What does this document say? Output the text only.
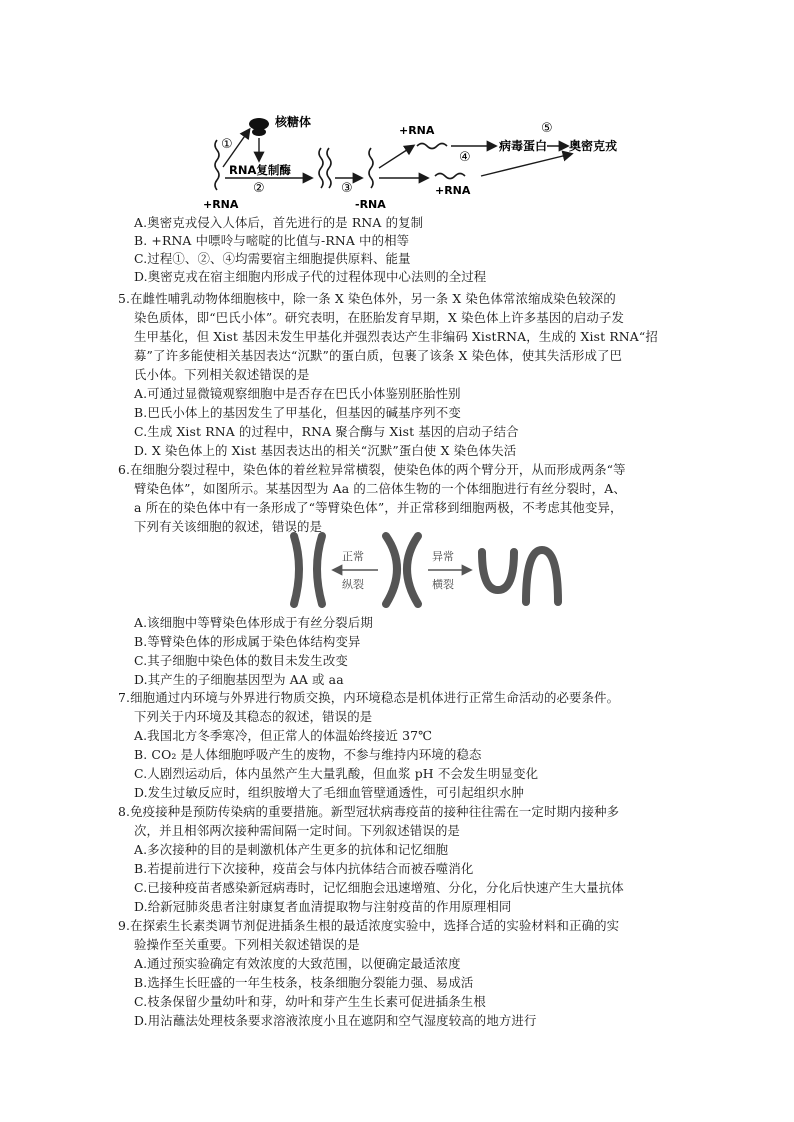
核糖体
+RNA
①
RNA复制酶
②	③
-RNA
+RNA
④
病毒蛋白
⑤
奥密克戎
+RNA
A.奥密克戎侵入人体后，首先进行的是 RNA 的复制
B. +RNA 中嘌呤与嘧啶的比值与-RNA 中的相等
C.过程①、②、④均需要宿主细胞提供原料、能量
D.奥密克戎在宿主细胞内形成子代的过程体现中心法则的全过程
5.在雌性哺乳动物体细胞核中，除一条 X 染色体外，另一条 X 染色体常浓缩成染色较深的
染色质体，即“巴氏小体”。研究表明，在胚胎发育早期，X 染色体上许多基因的启动子发
生甲基化，但 Xist 基因未发生甲基化并强烈表达产生非编码 XistRNA，生成的 Xist RNA“招
募”了许多能使相关基因表达“沉默”的蛋白质，包裹了该条 X 染色体，使其失活形成了巴
氏小体。下列相关叙述错误的是
A.可通过显微镜观察细胞中是否存在巴氏小体鉴别胚胎性别
B.巴氏小体上的基因发生了甲基化，但基因的碱基序列不变
C.生成 Xist RNA 的过程中，RNA 聚合酶与 Xist 基因的启动子结合
D. X 染色体上的 Xist 基因表达出的相关“沉默”蛋白使 X 染色体失活
6.在细胞分裂过程中，染色体的着丝粒异常横裂，使染色体的两个臂分开，从而形成两条“等
臂染色体”，如图所示。某基因型为 Aa 的二倍体生物的一个体细胞进行有丝分裂时，A、
a 所在的染色体中有一条形成了“等臂染色体”，并正常移到细胞两极，不考虑其他变异，
下列有关该细胞的叙述，错误的是
正常
纵裂
异常
横裂
A.该细胞中等臂染色体形成于有丝分裂后期
B.等臂染色体的形成属于染色体结构变异
C.其子细胞中染色体的数目未发生改变
D.其产生的子细胞基因型为 AA 或 aa
7.细胞通过内环境与外界进行物质交换，内环境稳态是机体进行正常生命活动的必要条件。
下列关于内环境及其稳态的叙述，错误的是
A.我国北方冬季寒冷，但正常人的体温始终接近 37℃
B. CO₂ 是人体细胞呼吸产生的废物，不参与维持内环境的稳态
C.人剧烈运动后，体内虽然产生大量乳酸，但血浆 pH 不会发生明显变化
D.发生过敏反应时，组织胺增大了毛细血管壁通透性，可引起组织水肿
8.免疫接种是预防传染病的重要措施。新型冠状病毒疫苗的接种往往需在一定时期内接种多
次，并且相邻两次接种需间隔一定时间。下列叙述错误的是
A.多次接种的目的是刺激机体产生更多的抗体和记忆细胞
B.若提前进行下次接种，疫苗会与体内抗体结合而被吞噬消化
C.已接种疫苗者感染新冠病毒时，记忆细胞会迅速增殖、分化，分化后快速产生大量抗体
D.给新冠肺炎患者注射康复者血清提取物与注射疫苗的作用原理相同
9.在探索生长素类调节剂促进插条生根的最适浓度实验中，选择合适的实验材料和正确的实
验操作至关重要。下列相关叙述错误的是
A.通过预实验确定有效浓度的大致范围，以便确定最适浓度
B.选择生长旺盛的一年生枝条，枝条细胞分裂能力强、易成活
C.枝条保留少量幼叶和芽，幼叶和芽产生生长素可促进插条生根
D.用沾蘸法处理枝条要求溶液浓度小且在遮阴和空气湿度较高的地方进行
